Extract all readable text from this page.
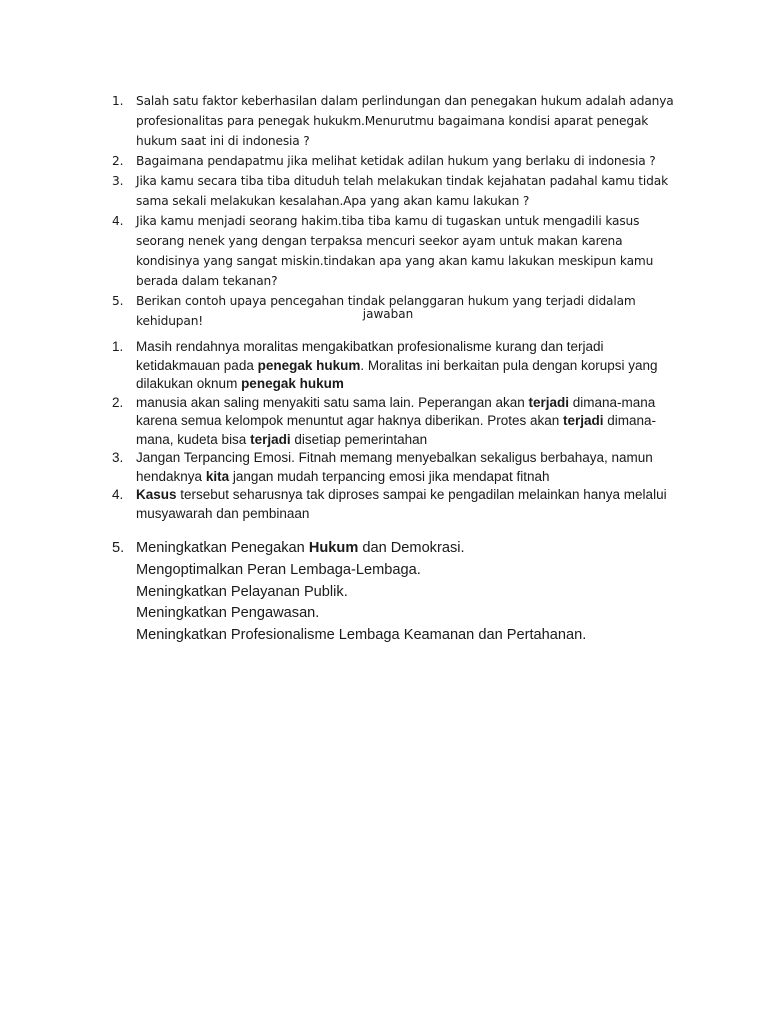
1. Salah satu faktor keberhasilan dalam perlindungan dan penegakan hukum adalah adanya profesionalitas para penegak hukukm.Menurutmu bagaimana kondisi aparat penegak hukum saat ini di indonesia ?
2. Bagaimana pendapatmu jika melihat ketidak adilan hukum yang berlaku di indonesia ?
3. Jika kamu secara tiba tiba dituduh telah melakukan tindak kejahatan padahal kamu tidak sama sekali melakukan kesalahan.Apa yang akan kamu lakukan ?
4. Jika kamu menjadi seorang hakim.tiba tiba kamu di tugaskan untuk mengadili kasus seorang nenek yang dengan terpaksa mencuri seekor ayam untuk makan karena kondisinya yang sangat miskin.tindakan apa yang akan kamu lakukan meskipun kamu berada dalam tekanan?
5. Berikan contoh upaya pencegahan tindak pelanggaran hukum yang terjadi didalam kehidupan!	jawaban
1. Masih rendahnya moralitas mengakibatkan profesionalisme kurang dan terjadi ketidakmauan pada penegak hukum. Moralitas ini berkaitan pula dengan korupsi yang dilakukan oknum penegak hukum
2. manusia akan saling menyakiti satu sama lain. Peperangan akan terjadi dimana-mana karena semua kelompok menuntut agar haknya diberikan. Protes akan terjadi dimana-mana, kudeta bisa terjadi disetiap pemerintahan
3. Jangan Terpancing Emosi. Fitnah memang menyebalkan sekaligus berbahaya, namun hendaknya kita jangan mudah terpancing emosi jika mendapat fitnah
4. Kasus tersebut seharusnya tak diproses sampai ke pengadilan melainkan hanya melalui musyawarah dan pembinaan
5. Meningkatkan Penegakan Hukum dan Demokrasi.
Mengoptimalkan Peran Lembaga-Lembaga.
Meningkatkan Pelayanan Publik.
Meningkatkan Pengawasan.
Meningkatkan Profesionalisme Lembaga Keamanan dan Pertahanan.
